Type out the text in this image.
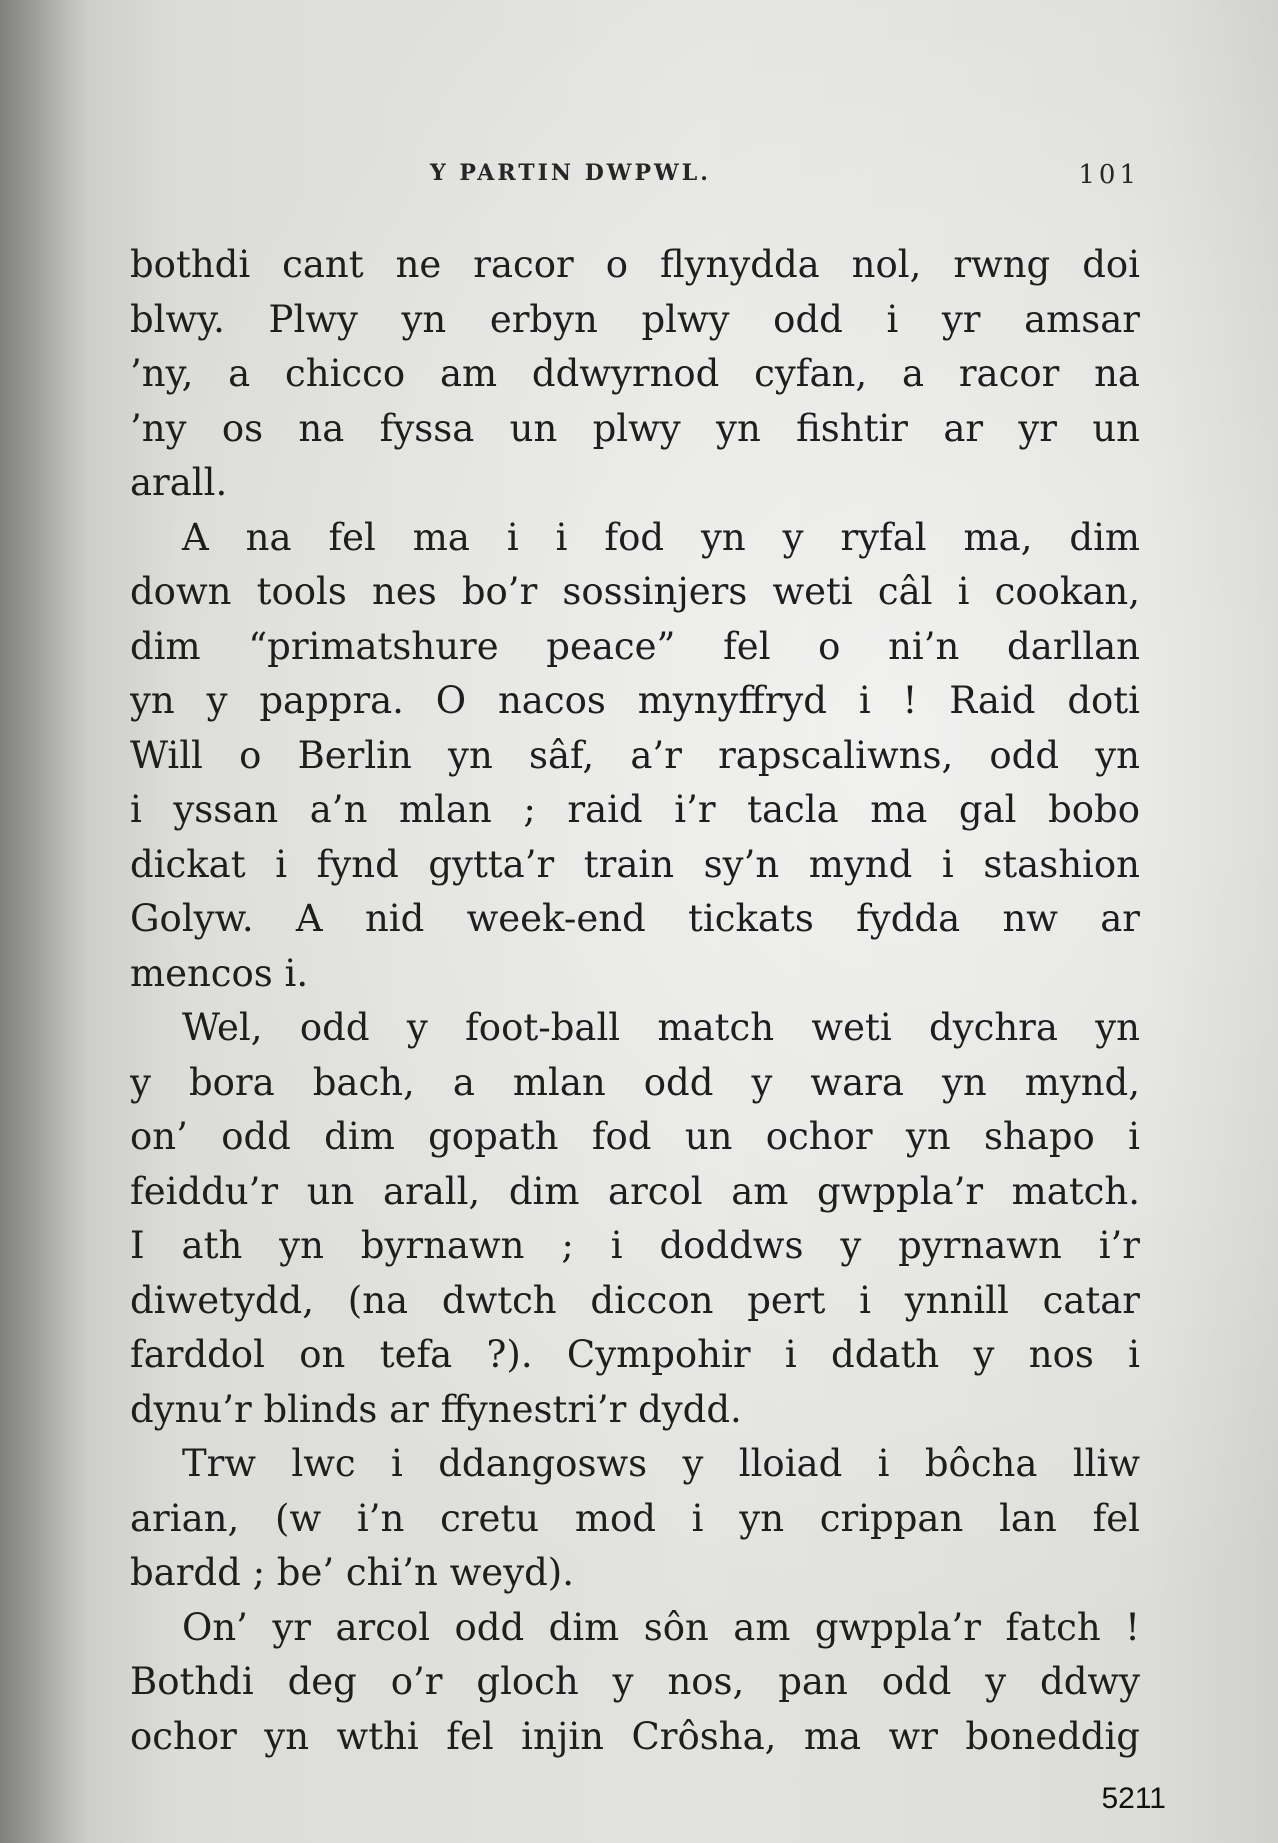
Y PARTIN DWPWL.	101
bothdi cant ne racor o flynydda nol, rwng doi
blwy. Plwy yn erbyn plwy odd i yr amsar
’ny, a chicco am ddwyrnod cyfan, a racor na
’ny os na fyssa un plwy yn fishtir ar yr un
arall.
A na fel ma i i fod yn y ryfal ma, dim
down tools nes bo’r sossinjers weti câl i cookan,
dim “primatshure peace” fel o ni’n darllan
yn y pappra. O nacos mynyffryd i ! Raid doti
Will o Berlin yn sâf, a’r rapscaliwns, odd yn
i yssan a’n mlan ; raid i’r tacla ma gal bobo
dickat i fynd gytta’r train sy’n mynd i stashion
Golyw. A nid week-end tickats fydda nw ar
mencos i.
Wel, odd y foot-ball match weti dychra yn
y bora bach, a mlan odd y wara yn mynd,
on’ odd dim gopath fod un ochor yn shapo i
feiddu’r un arall, dim arcol am gwppla’r match.
I ath yn byrnawn ; i doddws y pyrnawn i’r
diwetydd, (na dwtch diccon pert i ynnill catar
farddol on tefa ?). Cympohir i ddath y nos i
dynu’r blinds ar ffynestri’r dydd.
Trw lwc i ddangosws y lloiad i bôcha lliw
arian, (w i’n cretu mod i yn crippan lan fel
bardd ; be’ chi’n weyd).
On’ yr arcol odd dim sôn am gwppla’r fatch !
Bothdi deg o’r gloch y nos, pan odd y ddwy
ochor yn wthi fel injin Crôsha, ma wr boneddig
5211
